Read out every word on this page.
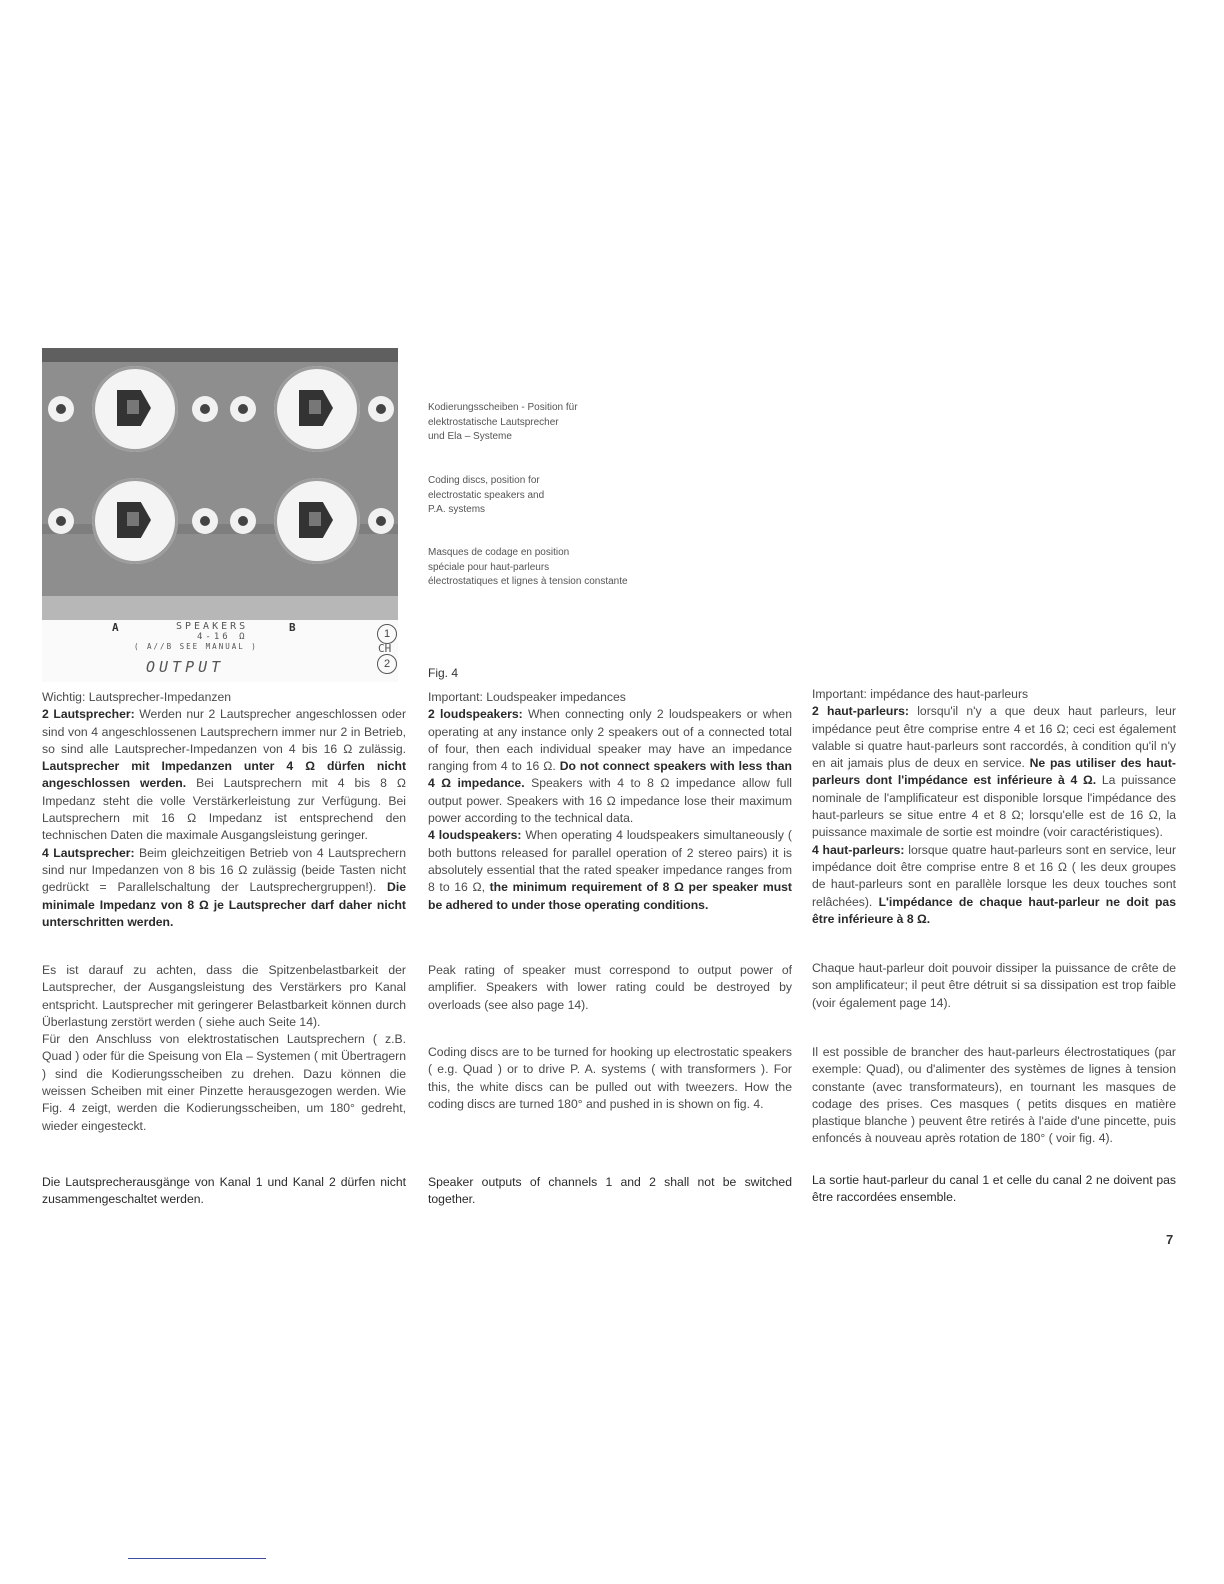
A	SPEAKERS	B
4-16 Ω
( A//B SEE MANUAL )
OUTPUT
1
CH
2
Kodierungsscheiben - Position für
elektrostatische Lautsprecher
und Ela – Systeme
Coding discs, position for
electrostatic speakers and
P.A. systems
Masques de codage en position
spéciale pour haut-parleurs
électrostatiques et lignes à tension constante
Fig. 4

Wichtig: Lautsprecher-Impedanzen

2 Lautsprecher: Werden nur 2 Lautsprecher angeschlossen oder sind von 4 angeschlossenen Lautsprechern immer nur 2 in Betrieb, so sind alle Lautsprecher-Impedanzen von 4 bis 16 Ω zulässig. Lautsprecher mit Impedanzen unter 4 Ω dürfen nicht angeschlossen werden. Bei Lautsprechern mit 4 bis 8 Ω Impedanz steht die volle Verstärkerleistung zur Verfügung. Bei Lautsprechern mit 16 Ω Impedanz ist entsprechend den technischen Daten die maximale Ausgangsleistung geringer.

4 Lautsprecher: Beim gleichzeitigen Betrieb von 4 Lautsprechern sind nur Impedanzen von 8 bis 16 Ω zulässig (beide Tasten nicht gedrückt = Parallelschaltung der Lautsprechergruppen!). Die minimale Impedanz von 8 Ω je Lautsprecher darf daher nicht unterschritten werden.

Es ist darauf zu achten, dass die Spitzenbelastbarkeit der Lautsprecher, der Ausgangsleistung des Verstärkers pro Kanal entspricht. Lautsprecher mit geringerer Belastbarkeit können durch Überlastung zerstört werden ( siehe auch Seite 14).

Für den Anschluss von elektrostatischen Lautsprechern ( z.B. Quad ) oder für die Speisung von Ela – Systemen ( mit Übertragern ) sind die Kodierungsscheiben zu drehen. Dazu können die weissen Scheiben mit einer Pinzette herausgezogen werden. Wie Fig. 4 zeigt, werden die Kodierungsscheiben, um 180° gedreht, wieder eingesteckt.

Die Lautsprecherausgänge von Kanal 1 und Kanal 2 dürfen nicht zusammengeschaltet werden.

Important: Loudspeaker impedances

2 loudspeakers: When connecting only 2 loudspeakers or when operating at any instance only 2 speakers out of a connected total of four, then each individual speaker may have an impedance ranging from 4 to 16 Ω. Do not connect speakers with less than 4 Ω impedance. Speakers with 4 to 8 Ω impedance allow full output power. Speakers with 16 Ω impedance lose their maximum power according to the technical data.

4 loudspeakers: When operating 4 loudspeakers simultaneously ( both buttons released for parallel operation of 2 stereo pairs) it is absolutely essential that the rated speaker impedance ranges from 8 to 16 Ω, the minimum requirement of 8 Ω per speaker must be adhered to under those operating conditions.

Peak rating of speaker must correspond to output power of amplifier. Speakers with lower rating could be destroyed by overloads (see also page 14).

Coding discs are to be turned for hooking up electrostatic speakers ( e.g. Quad ) or to drive P. A. systems ( with transformers ). For this, the white discs can be pulled out with tweezers. How the coding discs are turned 180° and pushed in is shown on fig. 4.

Speaker outputs of channels 1 and 2 shall not be switched together.

Important: impédance des haut-parleurs

2 haut-parleurs: lorsqu'il n'y a que deux haut parleurs, leur impédance peut être comprise entre 4 et 16 Ω; ceci est également valable si quatre haut-parleurs sont raccordés, à condition qu'il n'y en ait jamais plus de deux en service. Ne pas utiliser des haut-parleurs dont l'impédance est inférieure à 4 Ω. La puissance nominale de l'amplificateur est disponible lorsque l'impédance des haut-parleurs se situe entre 4 et 8 Ω; lorsqu'elle est de 16 Ω, la puissance maximale de sortie est moindre (voir caractéristiques).

4 haut-parleurs: lorsque quatre haut-parleurs sont en service, leur impédance doit être comprise entre 8 et 16 Ω ( les deux groupes de haut-parleurs sont en parallèle lorsque les deux touches sont relâchées). L'impédance de chaque haut-parleur ne doit pas être inférieure à 8 Ω.

Chaque haut-parleur doit pouvoir dissiper la puissance de crête de son amplificateur; il peut être détruit si sa dissipation est trop faible (voir également page 14).

Il est possible de brancher des haut-parleurs électrostatiques (par exemple: Quad), ou d'alimenter des systèmes de lignes à tension constante (avec transformateurs), en tournant les masques de codage des prises. Ces masques ( petits disques en matière plastique blanche ) peuvent être retirés à l'aide d'une pincette, puis enfoncés à nouveau après rotation de 180° ( voir fig. 4).

La sortie haut-parleur du canal 1 et celle du canal 2 ne doivent pas être raccordées ensemble.

7
